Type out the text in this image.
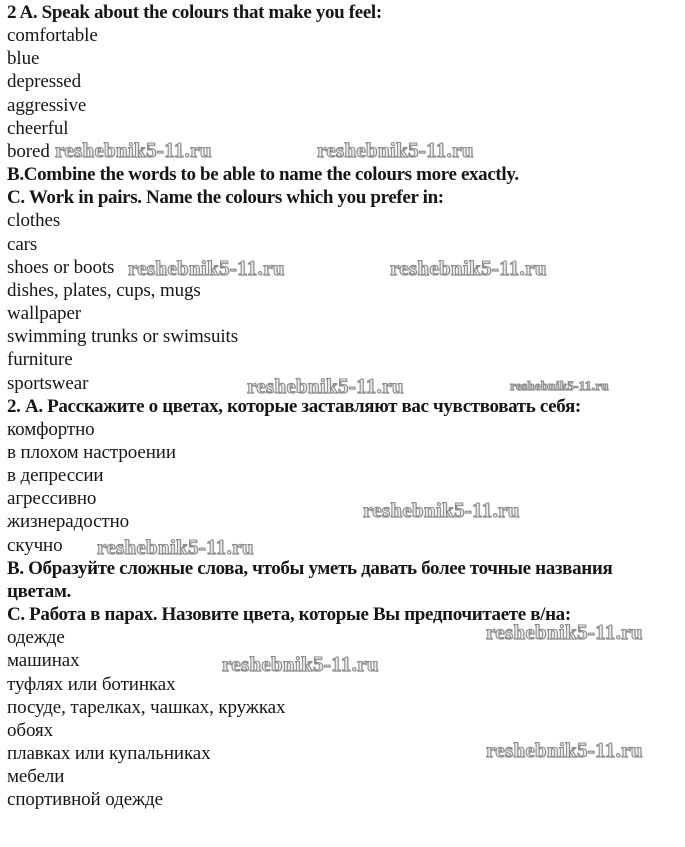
2 A. Speak about the colours that make you feel:
comfortable
blue
depressed
aggressive
cheerful
bored
B.Combine the words to be able to name the colours more exactly.
C. Work in pairs. Name the colours which you prefer in:
clothes
cars
shoes or boots
dishes, plates, cups, mugs
wallpaper
swimming trunks or swimsuits
furniture
sportswear
2. А. Расскажите о цветах, которые заставляют вас чувствовать себя:
комфортно
в плохом настроении
в депрессии
агрессивно
жизнерадостно
скучно
В. Образуйте сложные слова, чтобы уметь давать более точные названия
цветам.
С. Работа в парах. Назовите цвета, которые Вы предпочитаете в/на:
одежде
машинах
туфлях или ботинках
посуде, тарелках, чашках, кружках
обоях
плавках или купальниках
мебели
спортивной одежде
reshebnik5-11.ru	reshebnik5-11.ru
reshebnik5-11.ru	reshebnik5-11.ru
reshebnik5-11.ru	reshebnik5-11.ru
reshebnik5-11.ru
reshebnik5-11.ru
reshebnik5-11.ru
reshebnik5-11.ru
reshebnik5-11.ru
